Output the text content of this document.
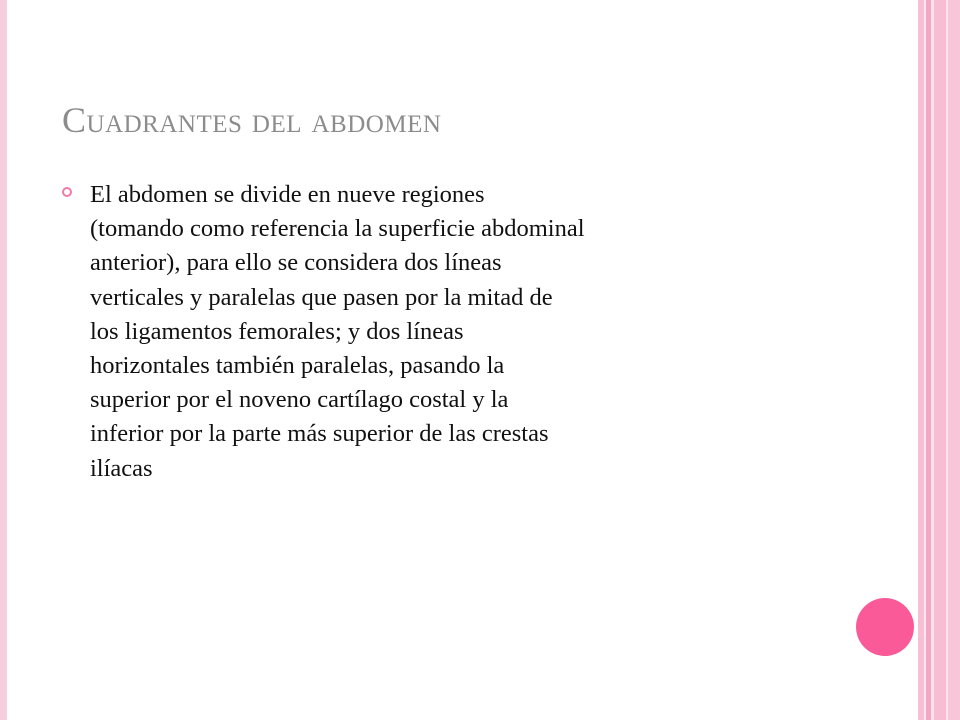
Cuadrantes del abdomen

El abdomen se divide en nueve regiones
(tomando como referencia la superficie abdominal
anterior), para ello se considera dos líneas
verticales y paralelas que pasen por la mitad de
los ligamentos femorales; y dos líneas
horizontales también paralelas, pasando la
superior por el noveno cartílago costal y la
inferior por la parte más superior de las crestas
ilíacas
